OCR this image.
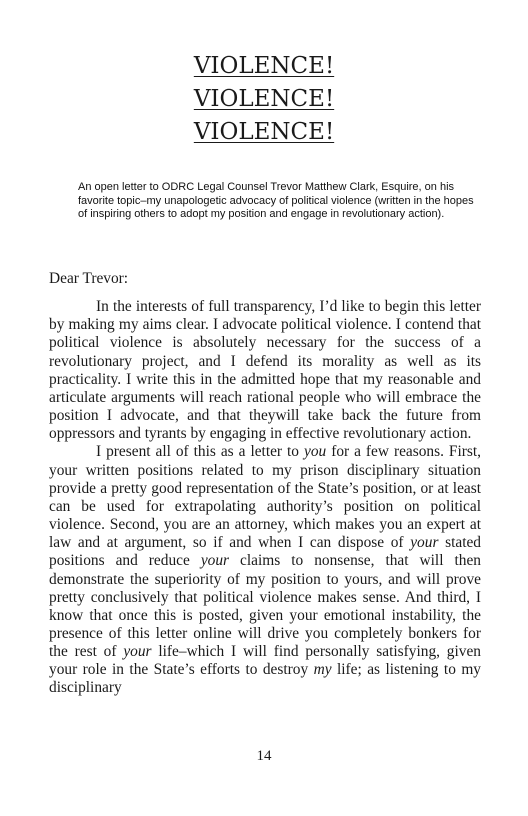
VIOLENCE!
VIOLENCE!
VIOLENCE!
An open letter to ODRC Legal Counsel Trevor Matthew Clark, Esquire, on his favorite topic–my unapologetic advocacy of political violence (written in the hopes of inspiring others to adopt my position and engage in revolutionary action).

Dear Trevor:

In the interests of full transparency, I’d like to begin this letter by making my aims clear. I advocate political violence. I contend that political violence is absolutely necessary for the success of a revolutionary project, and I defend its morality as well as its practicality. I write this in the admitted hope that my reasonable and articulate arguments will reach rational people who will embrace the position I advocate, and that theywill take back the future from oppressors and tyrants by engaging in effective revolutionary action.

I present all of this as a letter to you for a few reasons. First, your written positions related to my prison disciplinary situation provide a pretty good representation of the State’s position, or at least can be used for extrapolating authority’s position on political violence. Second, you are an attorney, which makes you an expert at law and at argument, so if and when I can dispose of your stated positions and reduce your claims to nonsense, that will then demonstrate the superiority of my position to yours, and will prove pretty conclusively that political violence makes sense. And third, I know that once this is posted, given your emotional instability, the presence of this letter online will drive you completely bonkers for the rest of your life–which I will find personally satisfying, given your role in the State’s efforts to destroy my life; as listening to my disciplinary

14
